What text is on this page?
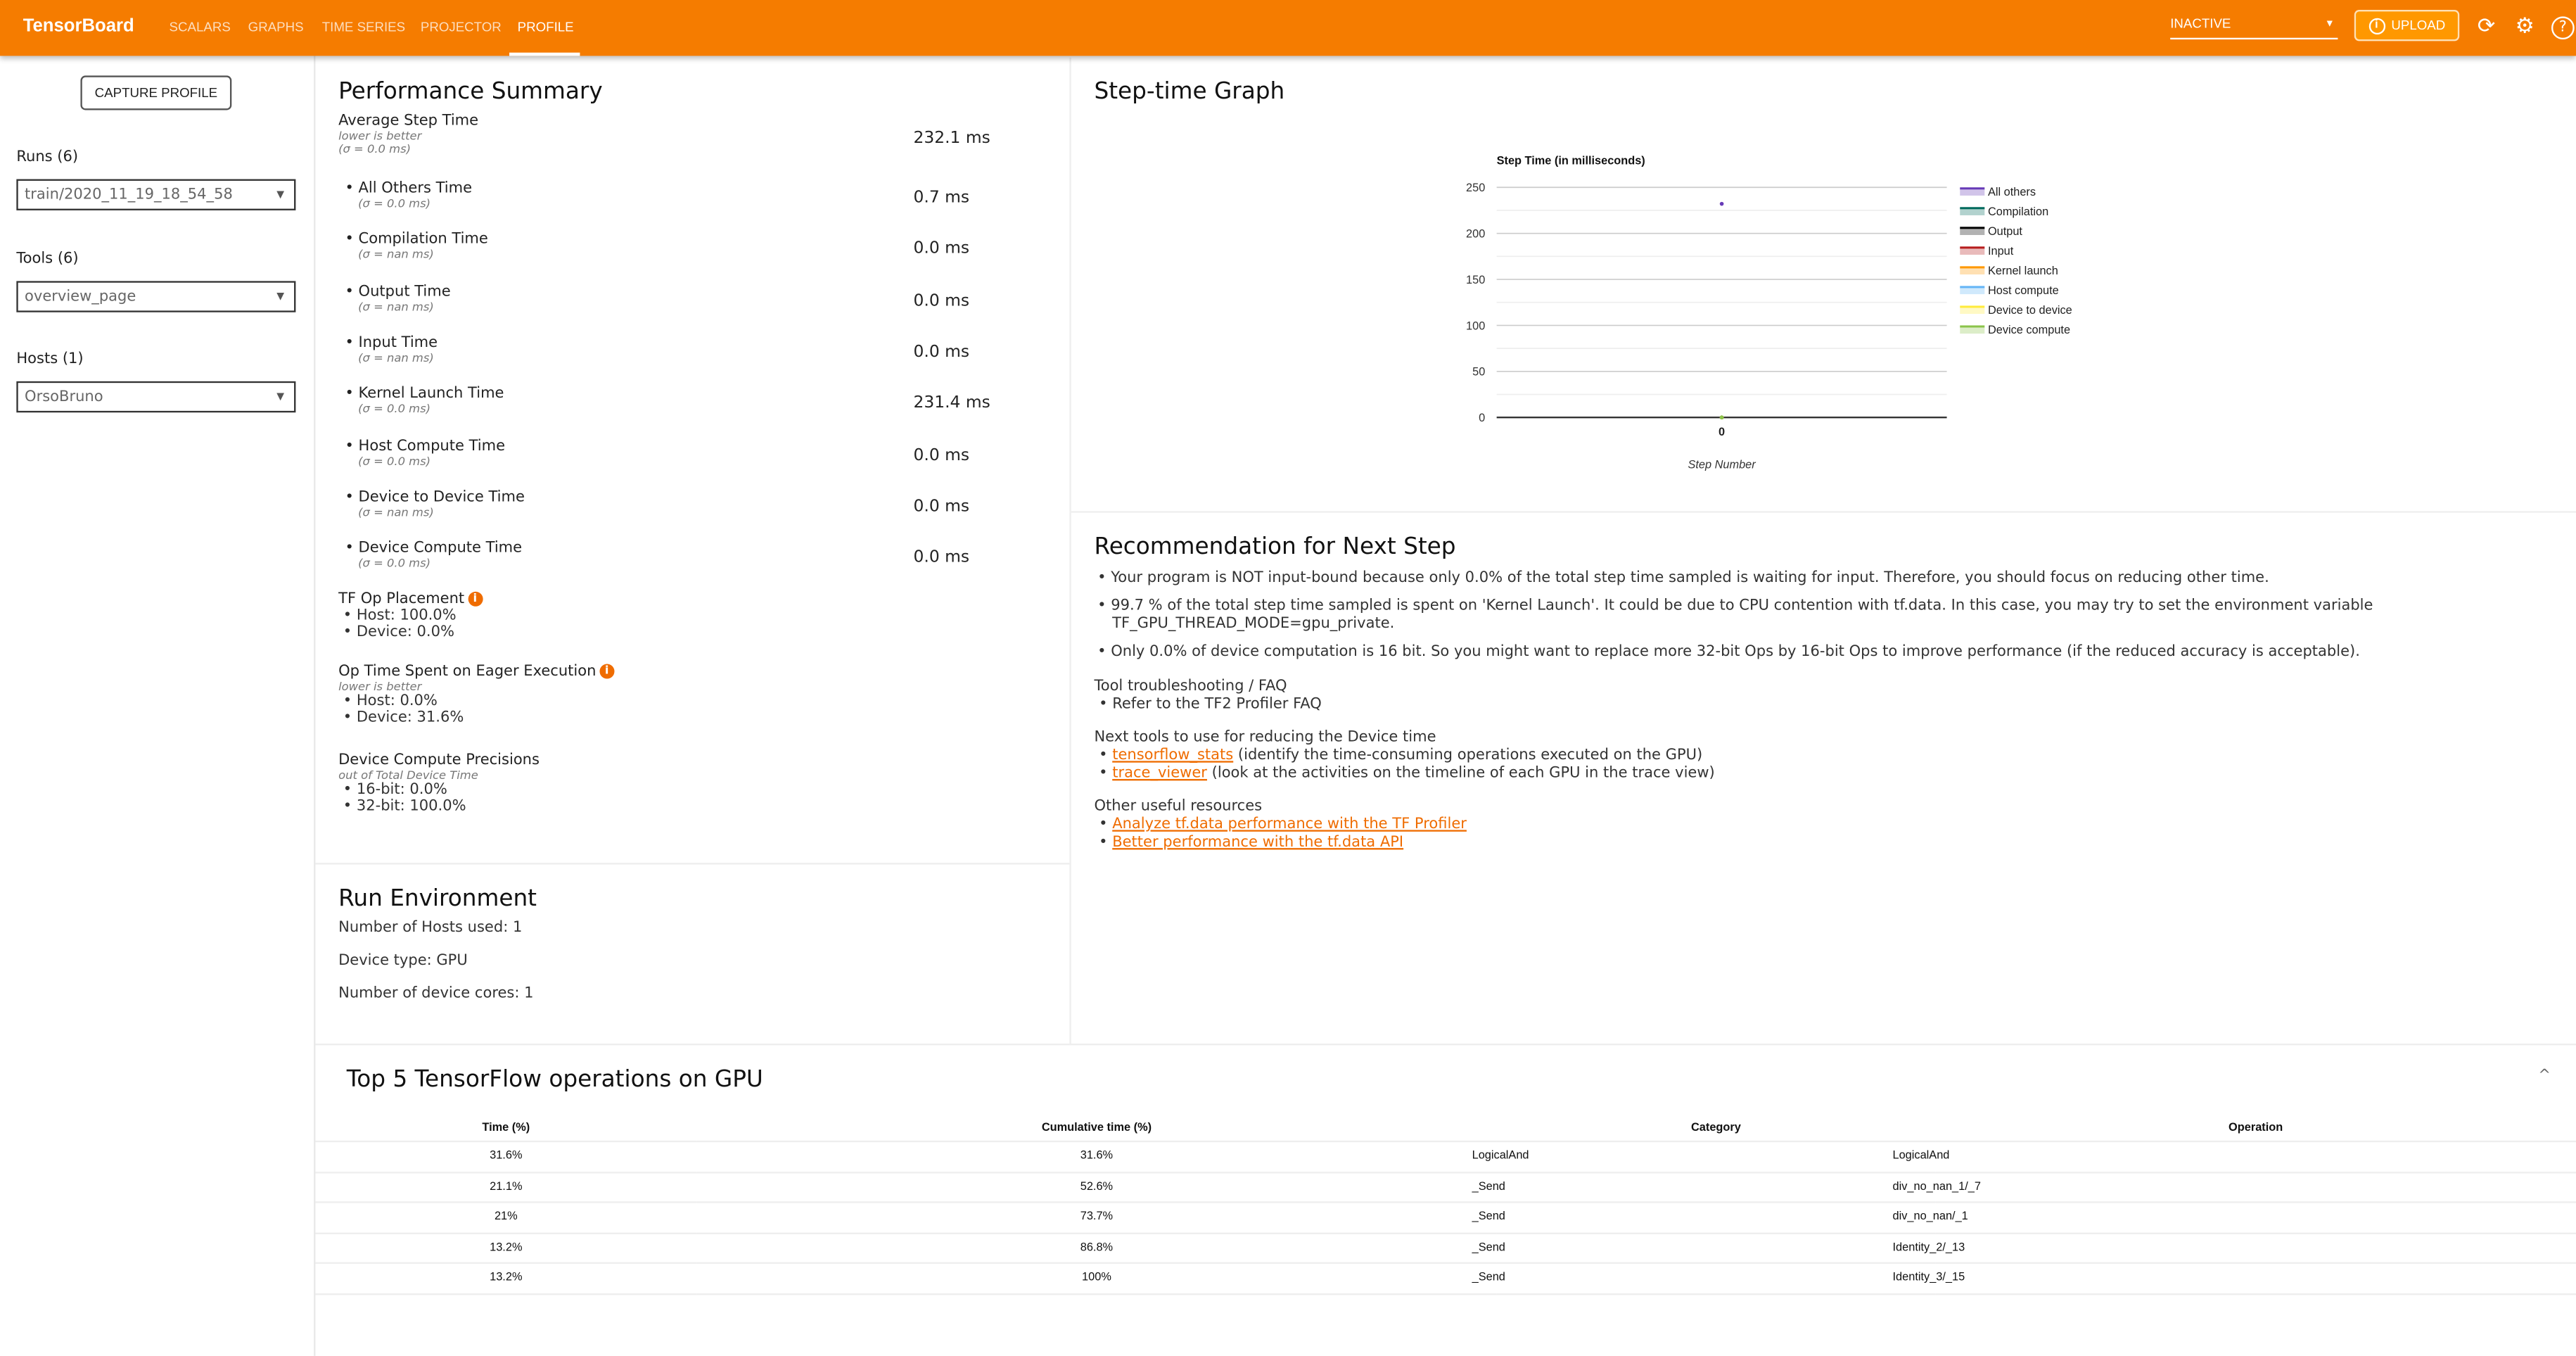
TensorBoard	SCALARS	GRAPHS	TIME SERIES	PROJECTOR	PROFILE	INACTIVE	▼	i	UPLOAD	⟳ ⚙	?
CAPTURE PROFILE
Runs (6)
train/2020_11_19_18_54_58	▼
Tools (6)
overview_page	▼
Hosts (1)
OrsoBruno	▼
Performance Summary
Average Step Time
lower is better
(σ = 0.0 ms)
232.1 ms
• All Others Time
(σ = 0.0 ms)	0.7 ms
• Compilation Time
(σ = nan ms)	0.0 ms
• Output Time
(σ = nan ms)	0.0 ms
• Input Time
(σ = nan ms)	0.0 ms
• Kernel Launch Time
(σ = 0.0 ms)	231.4 ms
• Host Compute Time
(σ = 0.0 ms)	0.0 ms
• Device to Device Time
(σ = nan ms)	0.0 ms
• Device Compute Time
(σ = 0.0 ms)	0.0 ms
TF Op Placement i
• Host: 100.0%
• Device: 0.0%
Op Time Spent on Eager Execution i
lower is better
• Host: 0.0%
• Device: 31.6%
Device Compute Precisions
out of Total Device Time
• 16-bit: 0.0%
• 32-bit: 100.0%
Run Environment
Number of Hosts used: 1
Device type: GPU
Number of device cores: 1
Step-time Graph
Step Time (in milliseconds)
Step Number
0
50
100
150
200
250
0
All others
Compilation
Output
Input
Kernel launch
Host compute
Device to device
Device compute
Recommendation for Next Step
• Your program is NOT input-bound because only 0.0% of the total step time sampled is waiting for input. Therefore, you should focus on reducing other time.
• 99.7 % of the total step time sampled is spent on 'Kernel Launch'. It could be due to CPU contention with tf.data. In this case, you may try to set the environment variable TF_GPU_THREAD_MODE=gpu_private.
• Only 0.0% of device computation is 16 bit. So you might want to replace more 32-bit Ops by 16-bit Ops to improve performance (if the reduced accuracy is acceptable).
Tool troubleshooting / FAQ
• Refer to the TF2 Profiler FAQ
Next tools to use for reducing the Device time
• tensorflow_stats (identify the time-consuming operations executed on the GPU)
• trace_viewer (look at the activities on the timeline of each GPU in the trace view)
Other useful resources
• Analyze tf.data performance with the TF Profiler
• Better performance with the tf.data API
Top 5 TensorFlow operations on GPU	^
Time (%)	Cumulative time (%)	Category	Operation
31.6%	31.6%	LogicalAnd	LogicalAnd
21.1%	52.6%	_Send	div_no_nan_1/_7
21%	73.7%	_Send	div_no_nan/_1
13.2%	86.8%	_Send	Identity_2/_13
13.2%	100%	_Send	Identity_3/_15
